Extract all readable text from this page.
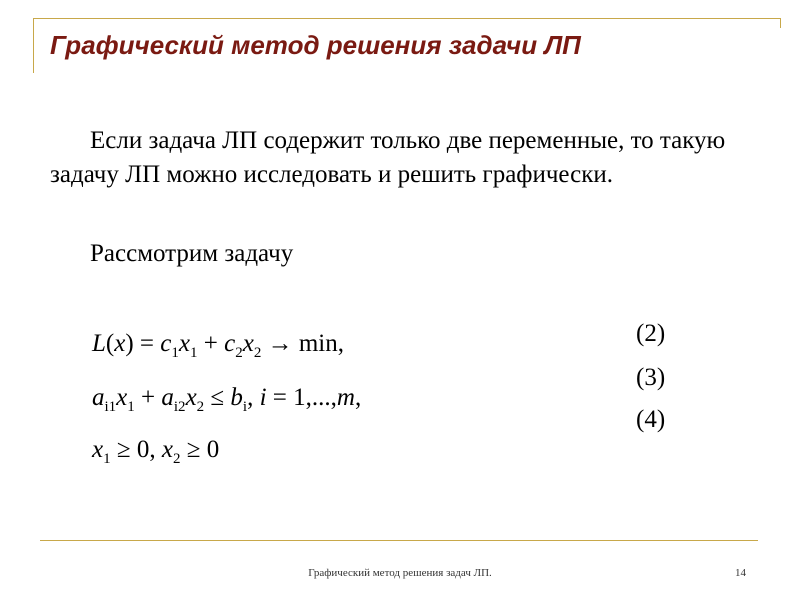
Графический метод решения задачи ЛП

Если задача ЛП содержит только две переменные, то такую задачу ЛП можно исследовать и решить графически.

Рассмотрим задачу

$L(x) = c_1x_1 + c_2x_2 \to \min$,
$a_{i1}x_1 + a_{i2}x_2 \le b_i$, i = 1,...,m,
$x_1 \ge 0$, $x_2 \ge 0$
(2)
(3)
(4)
Графический метод решения задач ЛП.	14
